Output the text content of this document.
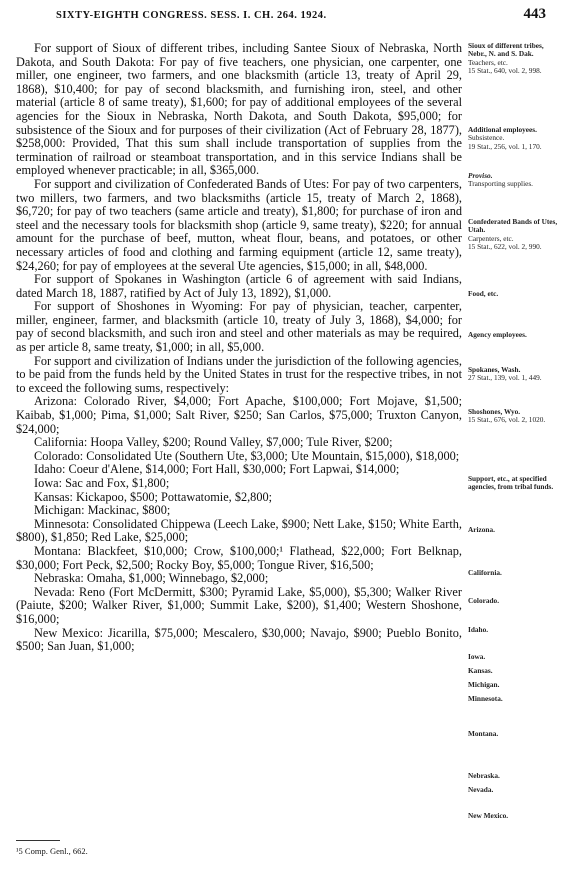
SIXTY-EIGHTH CONGRESS. SESS. I. CH. 264. 1924.	443

For support of Sioux of different tribes, including Santee Sioux of Nebraska, North Dakota, and South Dakota: For pay of five teachers, one physician, one carpenter, one miller, one engineer, two farmers, and one blacksmith (article 13, treaty of April 29, 1868), $10,400; for pay of second blacksmith, and furnishing iron, steel, and other material (article 8 of same treaty), $1,600; for pay of additional employees of the several agencies for the Sioux in Nebraska, North Dakota, and South Dakota, $95,000; for subsistence of the Sioux and for purposes of their civilization (Act of February 28, 1877), $258,000: Provided, That this sum shall include transportation of supplies from the termination of railroad or steamboat transportation, and in this service Indians shall be employed whenever practicable; in all, $365,000.

For support and civilization of Confederated Bands of Utes: For pay of two carpenters, two millers, two farmers, and two blacksmiths (article 15, treaty of March 2, 1868), $6,720; for pay of two teachers (same article and treaty), $1,800; for purchase of iron and steel and the necessary tools for blacksmith shop (article 9, same treaty), $220; for annual amount for the purchase of beef, mutton, wheat flour, beans, and potatoes, or other necessary articles of food and clothing and farming equipment (article 12, same treaty), $24,260; for pay of employees at the several Ute agencies, $15,000; in all, $48,000.

For support of Spokanes in Washington (article 6 of agreement with said Indians, dated March 18, 1887, ratified by Act of July 13, 1892), $1,000.

For support of Shoshones in Wyoming: For pay of physician, teacher, carpenter, miller, engineer, farmer, and blacksmith (article 10, treaty of July 3, 1868), $4,000; for pay of second blacksmith, and such iron and steel and other materials as may be required, as per article 8, same treaty, $1,000; in all, $5,000.

For support and civilization of Indians under the jurisdiction of the following agencies, to be paid from the funds held by the United States in trust for the respective tribes, in not to exceed the following sums, respectively:

Arizona: Colorado River, $4,000; Fort Apache, $100,000; Fort Mojave, $1,500; Kaibab, $1,000; Pima, $1,000; Salt River, $250; San Carlos, $75,000; Truxton Canyon, $24,000;

California: Hoopa Valley, $200; Round Valley, $7,000; Tule River, $200;

Colorado: Consolidated Ute (Southern Ute, $3,000; Ute Mountain, $15,000), $18,000;

Idaho: Coeur d'Alene, $14,000; Fort Hall, $30,000; Fort Lapwai, $14,000;

Iowa: Sac and Fox, $1,800;

Kansas: Kickapoo, $500; Pottawatomie, $2,800;

Michigan: Mackinac, $800;

Minnesota: Consolidated Chippewa (Leech Lake, $900; Nett Lake, $150; White Earth, $800), $1,850; Red Lake, $25,000;

Montana: Blackfeet, $10,000; Crow, $100,000;¹ Flathead, $22,000; Fort Belknap, $30,000; Fort Peck, $2,500; Rocky Boy, $5,000; Tongue River, $16,500;

Nebraska: Omaha, $1,000; Winnebago, $2,000;

Nevada: Reno (Fort McDermitt, $300; Pyramid Lake, $5,000), $5,300; Walker River (Paiute, $200; Walker River, $1,000; Summit Lake, $200), $1,400; Western Shoshone, $16,000;

New Mexico: Jicarilla, $75,000; Mescalero, $30,000; Navajo, $900; Pueblo Bonito, $500; San Juan, $1,000;

Sioux of different tribes, Nebr., N. and S. Dak.
Teachers, etc.
15 Stat., 640, vol. 2, 998.
Additional employees.
Subsistence.
19 Stat., 256, vol. 1, 170.
Proviso.
Transporting supplies.
Confederated Bands of Utes, Utah.
Carpenters, etc.
15 Stat., 622, vol. 2, 990.
Food, etc.
Agency employees.
Spokanes, Wash.
27 Stat., 139, vol. 1, 449.
Shoshones, Wyo.
15 Stat., 676, vol. 2, 1020.
Support, etc., at specified agencies, from tribal funds.
Arizona.
California.
Colorado.
Idaho.
Iowa.
Kansas.
Michigan.
Minnesota.
Montana.
Nebraska.
Nevada.
New Mexico.
¹5 Comp. Genl., 662.
